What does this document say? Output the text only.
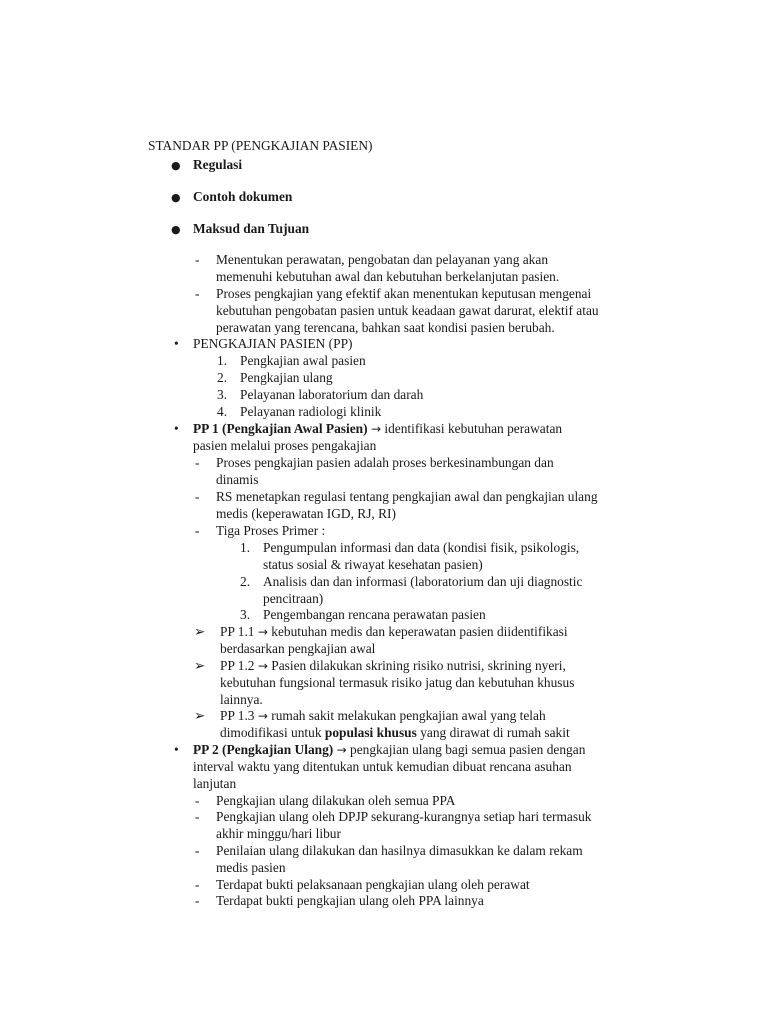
STANDAR PP (PENGKAJIAN PASIEN)
● Regulasi
● Contoh dokumen
● Maksud dan Tujuan
- Menentukan perawatan, pengobatan dan pelayanan yang akan
memenuhi kebutuhan awal dan kebutuhan berkelanjutan pasien.
- Proses pengkajian yang efektif akan menentukan keputusan mengenai
kebutuhan pengobatan pasien untuk keadaan gawat darurat, elektif atau
perawatan yang terencana, bahkan saat kondisi pasien berubah.
• PENGKAJIAN PASIEN (PP)
1. Pengkajian awal pasien
2. Pengkajian ulang
3. Pelayanan laboratorium dan darah
4. Pelayanan radiologi klinik
• PP 1 (Pengkajian Awal Pasien) → identifikasi kebutuhan perawatan
pasien melalui proses pengakajian
- Proses pengkajian pasien adalah proses berkesinambungan dan
dinamis
- RS menetapkan regulasi tentang pengkajian awal dan pengkajian ulang
medis (keperawatan IGD, RJ, RI)
- Tiga Proses Primer :
1. Pengumpulan informasi dan data (kondisi fisik, psikologis,
status sosial & riwayat kesehatan pasien)
2. Analisis dan dan informasi (laboratorium dan uji diagnostic
pencitraan)
3. Pengembangan rencana perawatan pasien
➢ PP 1.1 → kebutuhan medis dan keperawatan pasien diidentifikasi
berdasarkan pengkajian awal
➢ PP 1.2 → Pasien dilakukan skrining risiko nutrisi, skrining nyeri,
kebutuhan fungsional termasuk risiko jatug dan kebutuhan khusus
lainnya.
➢ PP 1.3 → rumah sakit melakukan pengkajian awal yang telah
dimodifikasi untuk populasi khusus yang dirawat di rumah sakit
• PP 2 (Pengkajian Ulang) → pengkajian ulang bagi semua pasien dengan
interval waktu yang ditentukan untuk kemudian dibuat rencana asuhan
lanjutan
- Pengkajian ulang dilakukan oleh semua PPA
- Pengkajian ulang oleh DPJP sekurang-kurangnya setiap hari termasuk
akhir minggu/hari libur
- Penilaian ulang dilakukan dan hasilnya dimasukkan ke dalam rekam
medis pasien
- Terdapat bukti pelaksanaan pengkajian ulang oleh perawat
- Terdapat bukti pengkajian ulang oleh PPA lainnya
